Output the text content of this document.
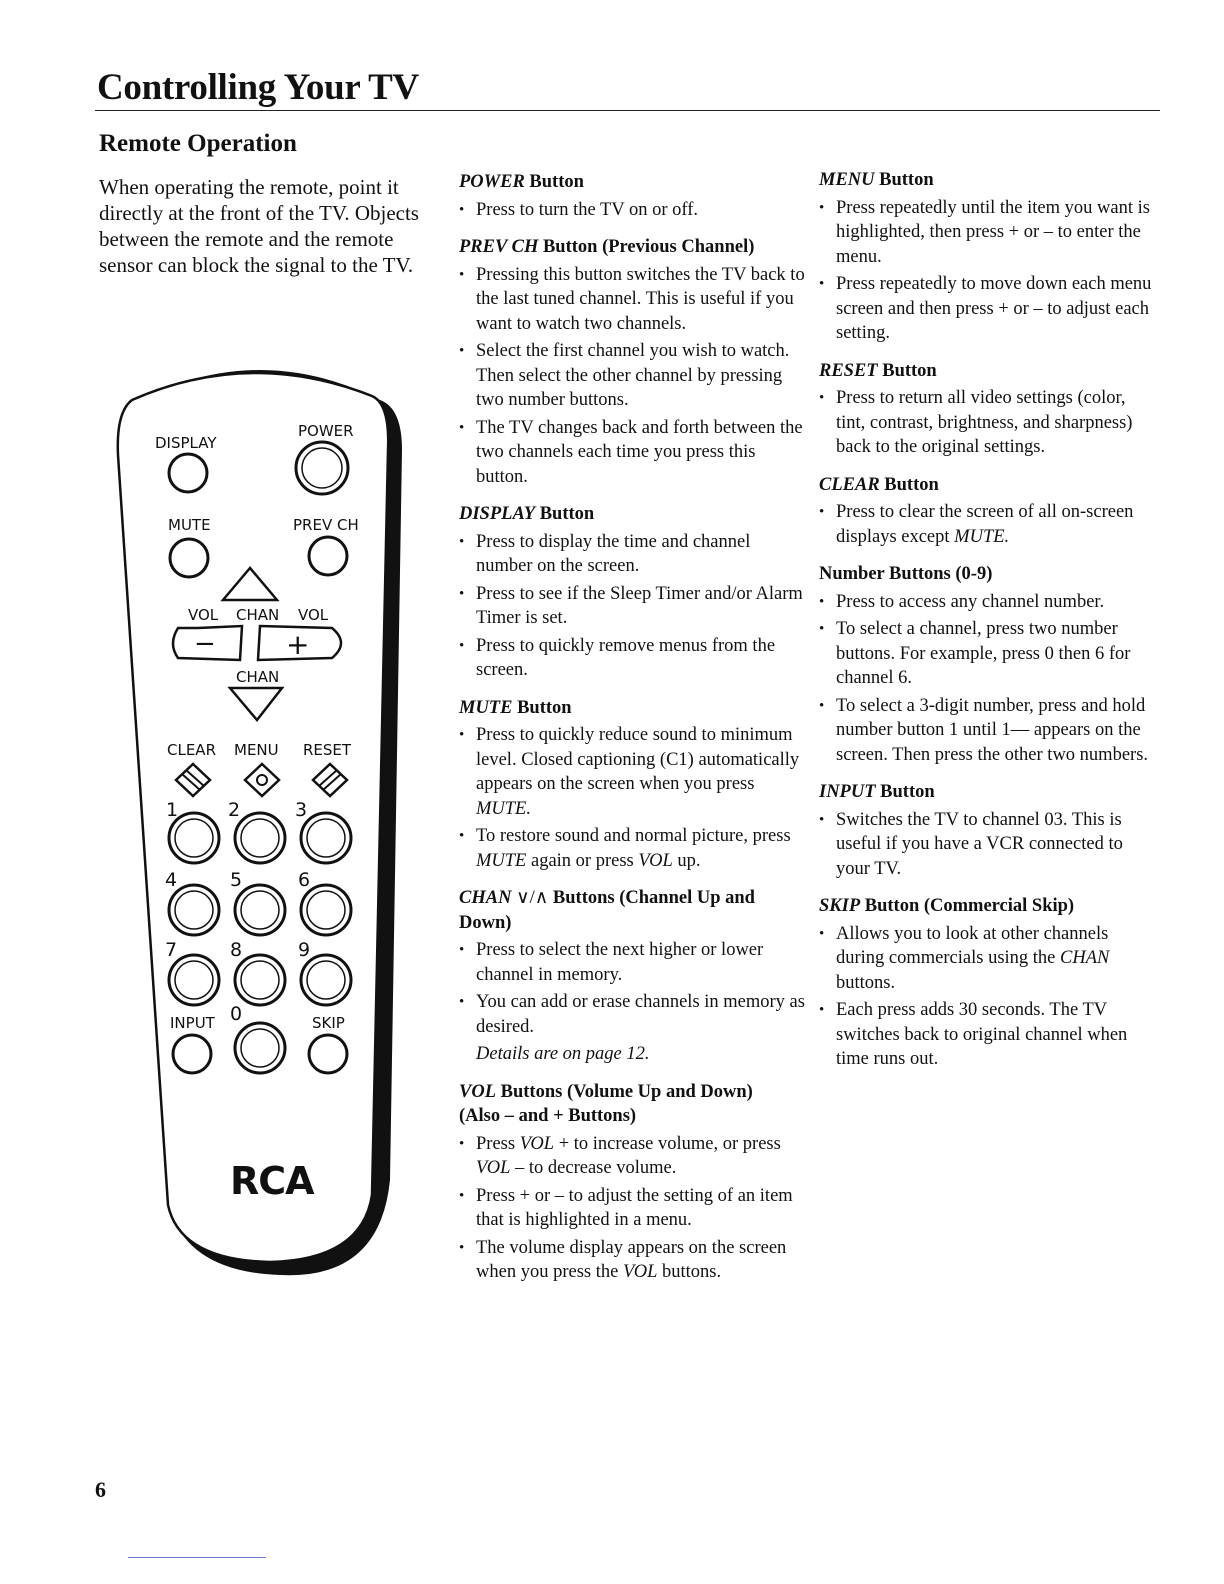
Controlling Your TV
Remote Operation

When operating the remote, point it directly at the front of the TV. Objects between the remote and the remote sensor can block the signal to the TV.

DISPLAY
POWER
MUTE	PREV CH
VOL CHAN VOL
−	+
CHAN
CLEAR MENU RESET
1	2	3
4	5	6
7	8	9
INPUT 0	SKIP
RCA
POWER Button
• Press to turn the TV on or off.
PREV CH Button (Previous Channel)
• Pressing this button switches the TV back to the last tuned channel. This is useful if you want to watch two channels.
• Select the first channel you wish to watch. Then select the other channel by pressing two number buttons.
• The TV changes back and forth between the two channels each time you press this button.
DISPLAY Button
• Press to display the time and channel number on the screen.
• Press to see if the Sleep Timer and/or Alarm Timer is set.
• Press to quickly remove menus from the screen.
MUTE Button
• Press to quickly reduce sound to minimum level. Closed captioning (C1) automatically appears on the screen when you press MUTE.
• To restore sound and normal picture, press MUTE again or press VOL up.
CHAN ∨/∧ Buttons (Channel Up and Down)
• Press to select the next higher or lower channel in memory.
• You can add or erase channels in memory as desired.
Details are on page 12.
VOL Buttons (Volume Up and Down)
(Also – and + Buttons)
• Press VOL + to increase volume, or press VOL – to decrease volume.
• Press + or – to adjust the setting of an item that is highlighted in a menu.
• The volume display appears on the screen when you press the VOL buttons.
MENU Button
• Press repeatedly until the item you want is highlighted, then press + or – to enter the menu.
• Press repeatedly to move down each menu screen and then press + or – to adjust each setting.
RESET Button
• Press to return all video settings (color, tint, contrast, brightness, and sharpness) back to the original settings.
CLEAR Button
• Press to clear the screen of all on-screen displays except MUTE.
Number Buttons (0-9)
• Press to access any channel number.
• To select a channel, press two number buttons. For example, press 0 then 6 for channel 6.
• To select a 3-digit number, press and hold number button 1 until 1— appears on the screen. Then press the other two numbers.
INPUT Button
• Switches the TV to channel 03. This is useful if you have a VCR connected to your TV.
SKIP Button (Commercial Skip)
• Allows you to look at other channels during commercials using the CHAN buttons.
• Each press adds 30 seconds. The TV switches back to original channel when time runs out.
6
